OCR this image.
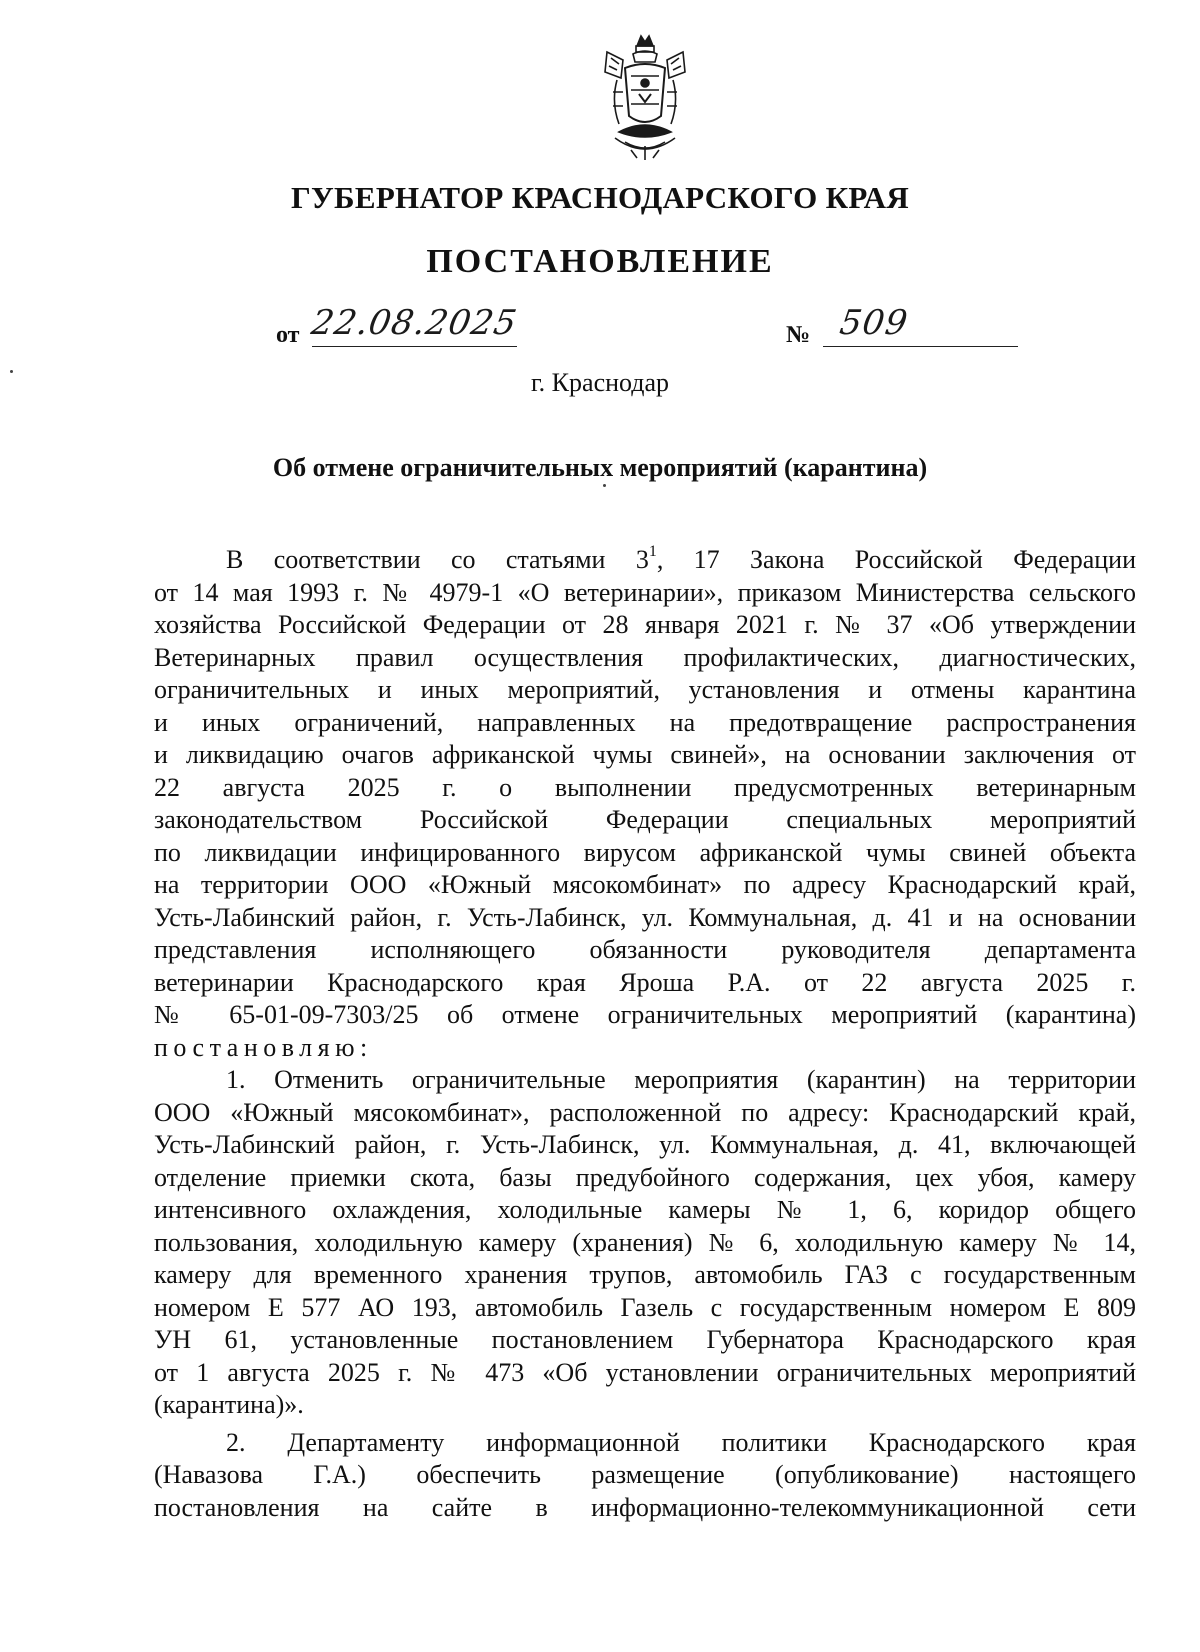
ГУБЕРНАТОР КРАСНОДАРСКОГО КРАЯ
ПОСТАНОВЛЕНИЕ
от 22.08.2025	№ 509
г. Краснодар
Об отмене ограничительных мероприятий (карантина)
В соответствии со статьями $3^1$, 17 Закона Российской Федерации
от 14 мая 1993 г. № 4979-1 «О ветеринарии», приказом Министерства сельского
хозяйства Российской Федерации от 28 января 2021 г. № 37 «Об утверждении
Ветеринарных правил осуществления профилактических, диагностических,
ограничительных и иных мероприятий, установления и отмены карантина
и иных ограничений, направленных на предотвращение распространения
и ликвидацию очагов африканской чумы свиней», на основании заключения от
22 августа 2025 г. о выполнении предусмотренных ветеринарным
законодательством Российской Федерации специальных мероприятий
по ликвидации инфицированного вирусом африканской чумы свиней объекта
на территории ООО «Южный мясокомбинат» по адресу Краснодарский край,
Усть-Лабинский район, г. Усть-Лабинск, ул. Коммунальная, д. 41 и на основании
представления исполняющего обязанности руководителя департамента
ветеринарии Краснодарского края Яроша Р.А. от 22 августа 2025 г.
№ 65-01-09-7303/25 об отмене ограничительных мероприятий (карантина)
постановляю:
1. Отменить ограничительные мероприятия (карантин) на территории
ООО «Южный мясокомбинат», расположенной по адресу: Краснодарский край,
Усть-Лабинский район, г. Усть-Лабинск, ул. Коммунальная, д. 41, включающей
отделение приемки скота, базы предубойного содержания, цех убоя, камеру
интенсивного охлаждения, холодильные камеры № 1, 6, коридор общего
пользования, холодильную камеру (хранения) № 6, холодильную камеру № 14,
камеру для временного хранения трупов, автомобиль ГАЗ с государственным
номером Е 577 АО 193, автомобиль Газель с государственным номером Е 809
УН 61, установленные постановлением Губернатора Краснодарского края
от 1 августа 2025 г. № 473 «Об установлении ограничительных мероприятий
(карантина)».
2. Департаменту информационной политики Краснодарского края
(Навазова Г.А.) обеспечить размещение (опубликование) настоящего
постановления на сайте в информационно-телекоммуникационной сети
